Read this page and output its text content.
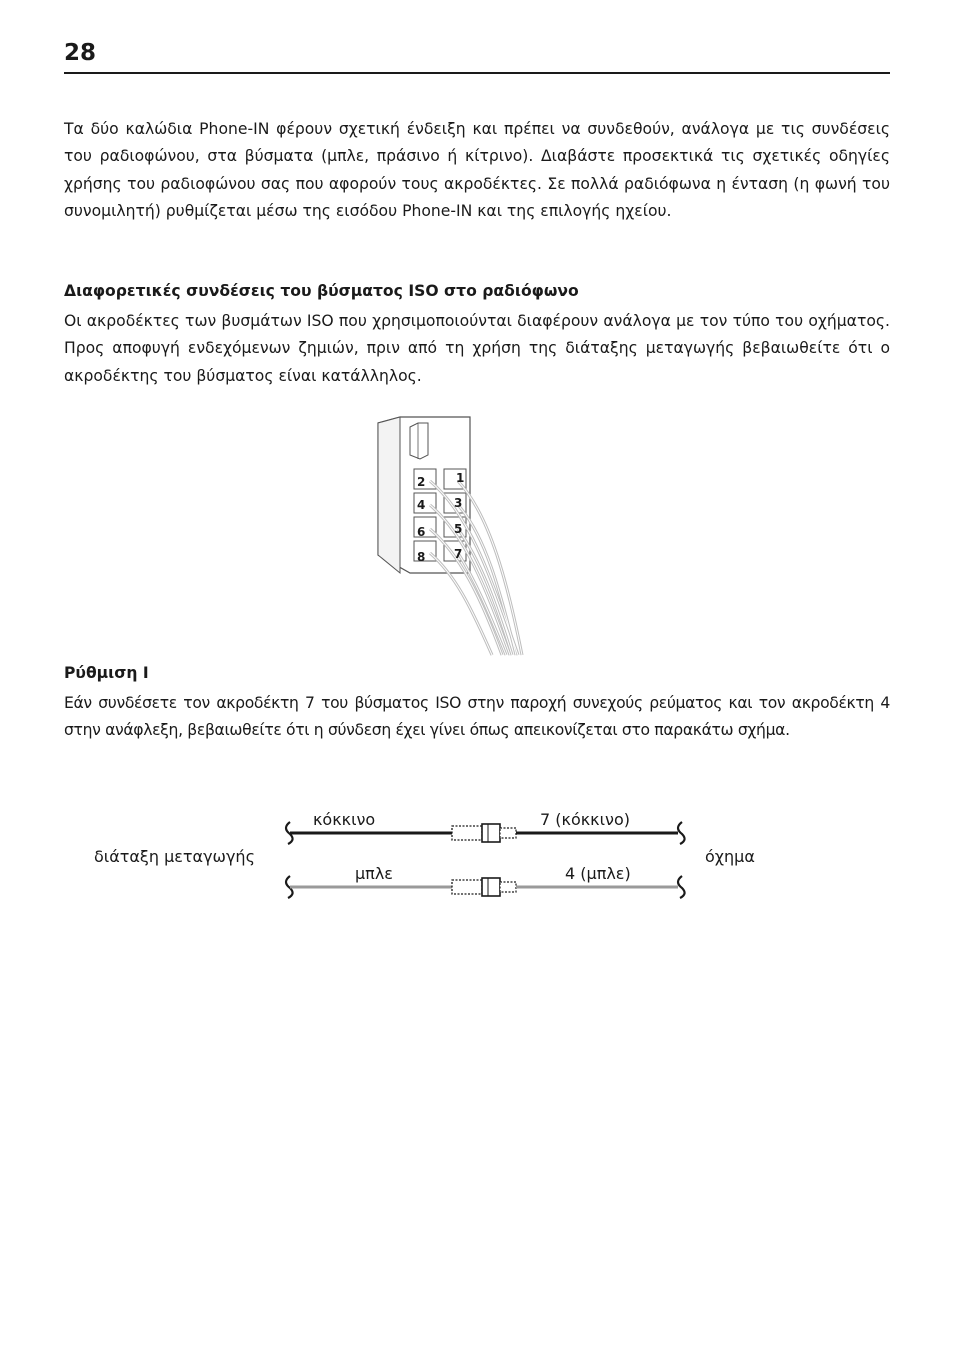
28

Τα δύο καλώδια Phone-IN φέρουν σχετική ένδειξη και πρέπει να συνδεθούν, ανάλογα με τις συνδέσεις του ραδιοφώνου, στα βύσματα (μπλε, πράσινο ή κίτρινο). Διαβάστε προσεκτικά τις σχετικές οδηγίες χρήσης του ραδιοφώνου σας που αφορούν τους ακροδέκτες. Σε πολλά ραδιόφωνα η ένταση (η φωνή του συνομιλητή) ρυθμίζεται μέσω της εισόδου Phone-IN και της επιλογής ηχείου.

Διαφορετικές συνδέσεις του βύσματος ISO στο ραδιόφωνο

Οι ακροδέκτες των βυσμάτων ISO που χρησιμοποιούνται διαφέρουν ανάλογα με τον τύπο του οχήματος. Προς αποφυγή ενδεχόμενων ζημιών, πριν από τη χρήση της διάταξης μεταγωγής βεβαιωθείτε ότι ο ακροδέκτης του βύσματος είναι κατάλληλος.

1
2
3
4
5
6
7
8

Ρύθμιση I

Εάν συνδέσετε τον ακροδέκτη 7 του βύσματος ISO στην παροχή συνεχούς ρεύματος και τον ακροδέκτη 4 στην ανάφλεξη, βεβαιωθείτε ότι η σύνδεση έχει γίνει όπως απεικονίζεται στο παρακάτω σχήμα.

διάταξη μεταγωγής	όχημα
κόκκινο	7 (κόκκινο)
μπλε	4 (μπλε)
